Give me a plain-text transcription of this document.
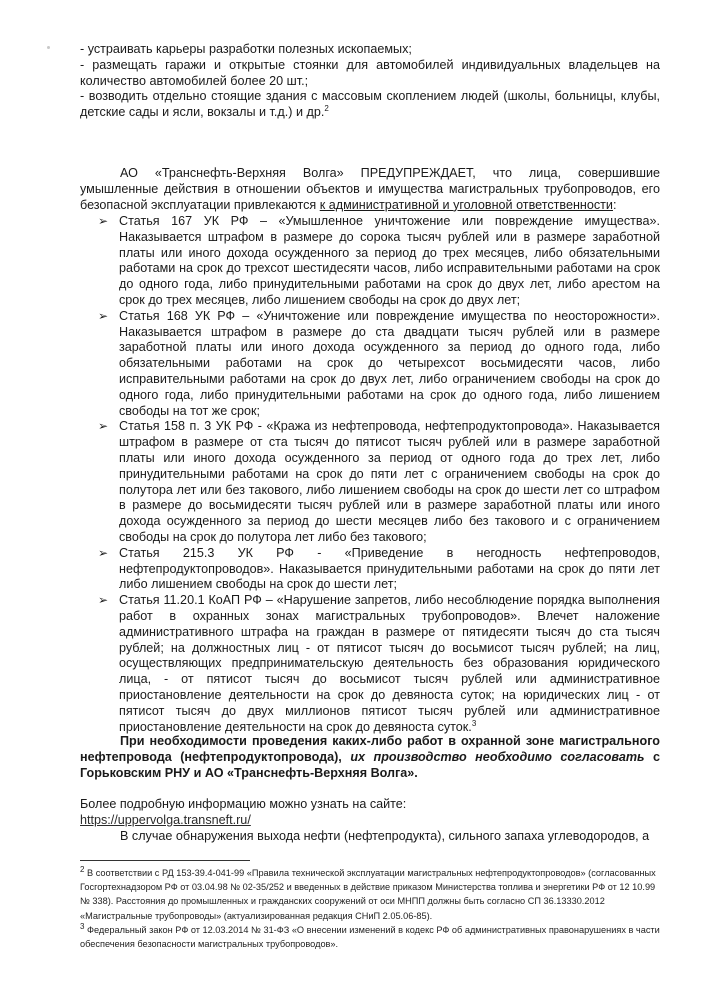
- устраивать карьеры разработки полезных ископаемых;

- размещать гаражи и открытые стоянки для автомобилей индивидуальных владельцев на количество автомобилей более 20 шт.;

- возводить отдельно стоящие здания с массовым скоплением людей (школы, больницы, клубы, детские сады и ясли, вокзалы и т.д.) и др.$^2$

АО «Транснефть-Верхняя Волга» ПРЕДУПРЕЖДАЕТ, что лица, совершившие умышленные действия в отношении объектов и имущества магистральных трубопроводов, его безопасной эксплуатации привлекаются к административной и уголовной ответственности:

➢ Статья 167 УК РФ – «Умышленное уничтожение или повреждение имущества». Наказывается штрафом в размере до сорока тысяч рублей или в размере заработной платы или иного дохода осужденного за период до трех месяцев, либо обязательными работами на срок до трехсот шестидесяти часов, либо исправительными работами на срок до одного года, либо принудительными работами на срок до двух лет, либо арестом на срок до трех месяцев, либо лишением свободы на срок до двух лет;
➢ Статья 168 УК РФ – «Уничтожение или повреждение имущества по неосторожности». Наказывается штрафом в размере до ста двадцати тысяч рублей или в размере заработной платы или иного дохода осужденного за период до одного года, либо обязательными работами на срок до четырехсот восьмидесяти часов, либо исправительными работами на срок до двух лет, либо ограничением свободы на срок до одного года, либо принудительными работами на срок до одного года, либо лишением свободы на тот же срок;
➢ Статья 158 п. 3 УК РФ - «Кража из нефтепровода, нефтепродуктопровода». Наказывается штрафом в размере от ста тысяч до пятисот тысяч рублей или в размере заработной платы или иного дохода осужденного за период от одного года до трех лет, либо принудительными работами на срок до пяти лет с ограничением свободы на срок до полутора лет или без такового, либо лишением свободы на срок до шести лет со штрафом в размере до восьмидесяти тысяч рублей или в размере заработной платы или иного дохода осужденного за период до шести месяцев либо без такового и с ограничением свободы на срок до полутора лет либо без такового;
➢ Статья 215.3 УК РФ - «Приведение в негодность нефтепроводов, нефтепродуктопроводов». Наказывается принудительными работами на срок до пяти лет либо лишением свободы на срок до шести лет;
➢ Статья 11.20.1 КоАП РФ – «Нарушение запретов, либо несоблюдение порядка выполнения работ в охранных зонах магистральных трубопроводов». Влечет наложение административного штрафа на граждан в размере от пятидесяти тысяч до ста тысяч рублей; на должностных лиц - от пятисот тысяч до восьмисот тысяч рублей; на лиц, осуществляющих предпринимательскую деятельность без образования юридического лица, - от пятисот тысяч до восьмисот тысяч рублей или административное приостановление деятельности на срок до девяноста суток; на юридических лиц - от пятисот тысяч до двух миллионов пятисот тысяч рублей или административное приостановление деятельности на срок до девяноста суток.$^3$

При необходимости проведения каких-либо работ в охранной зоне магистрального нефтепровода (нефтепродуктопровода), их производство необходимо согласовать с Горьковским РНУ и АО «Транснефть-Верхняя Волга».

Более подробную информацию можно узнать на сайте:

https://uppervolga.transneft.ru/

В случае обнаружения выхода нефти (нефтепродукта), сильного запаха углеводородов, а

$^2$ В соответствии с РД 153-39.4-041-99 «Правила технической эксплуатации магистральных нефтепродуктопроводов» (согласованных Госгортехнадзором РФ от 03.04.98 № 02-35/252 и введенных в действие приказом Министерства топлива и энергетики РФ от 12 10.99 № 338). Расстояния до промышленных и гражданских сооружений от оси МНПП должны быть согласно СП 36.13330.2012 «Магистральные трубопроводы» (актуализированная редакция СНиП 2.05.06-85).

$^3$ Федеральный закон РФ от 12.03.2014 № 31-ФЗ «О внесении изменений в кодекс РФ об административных правонарушениях в части обеспечения безопасности магистральных трубопроводов».
